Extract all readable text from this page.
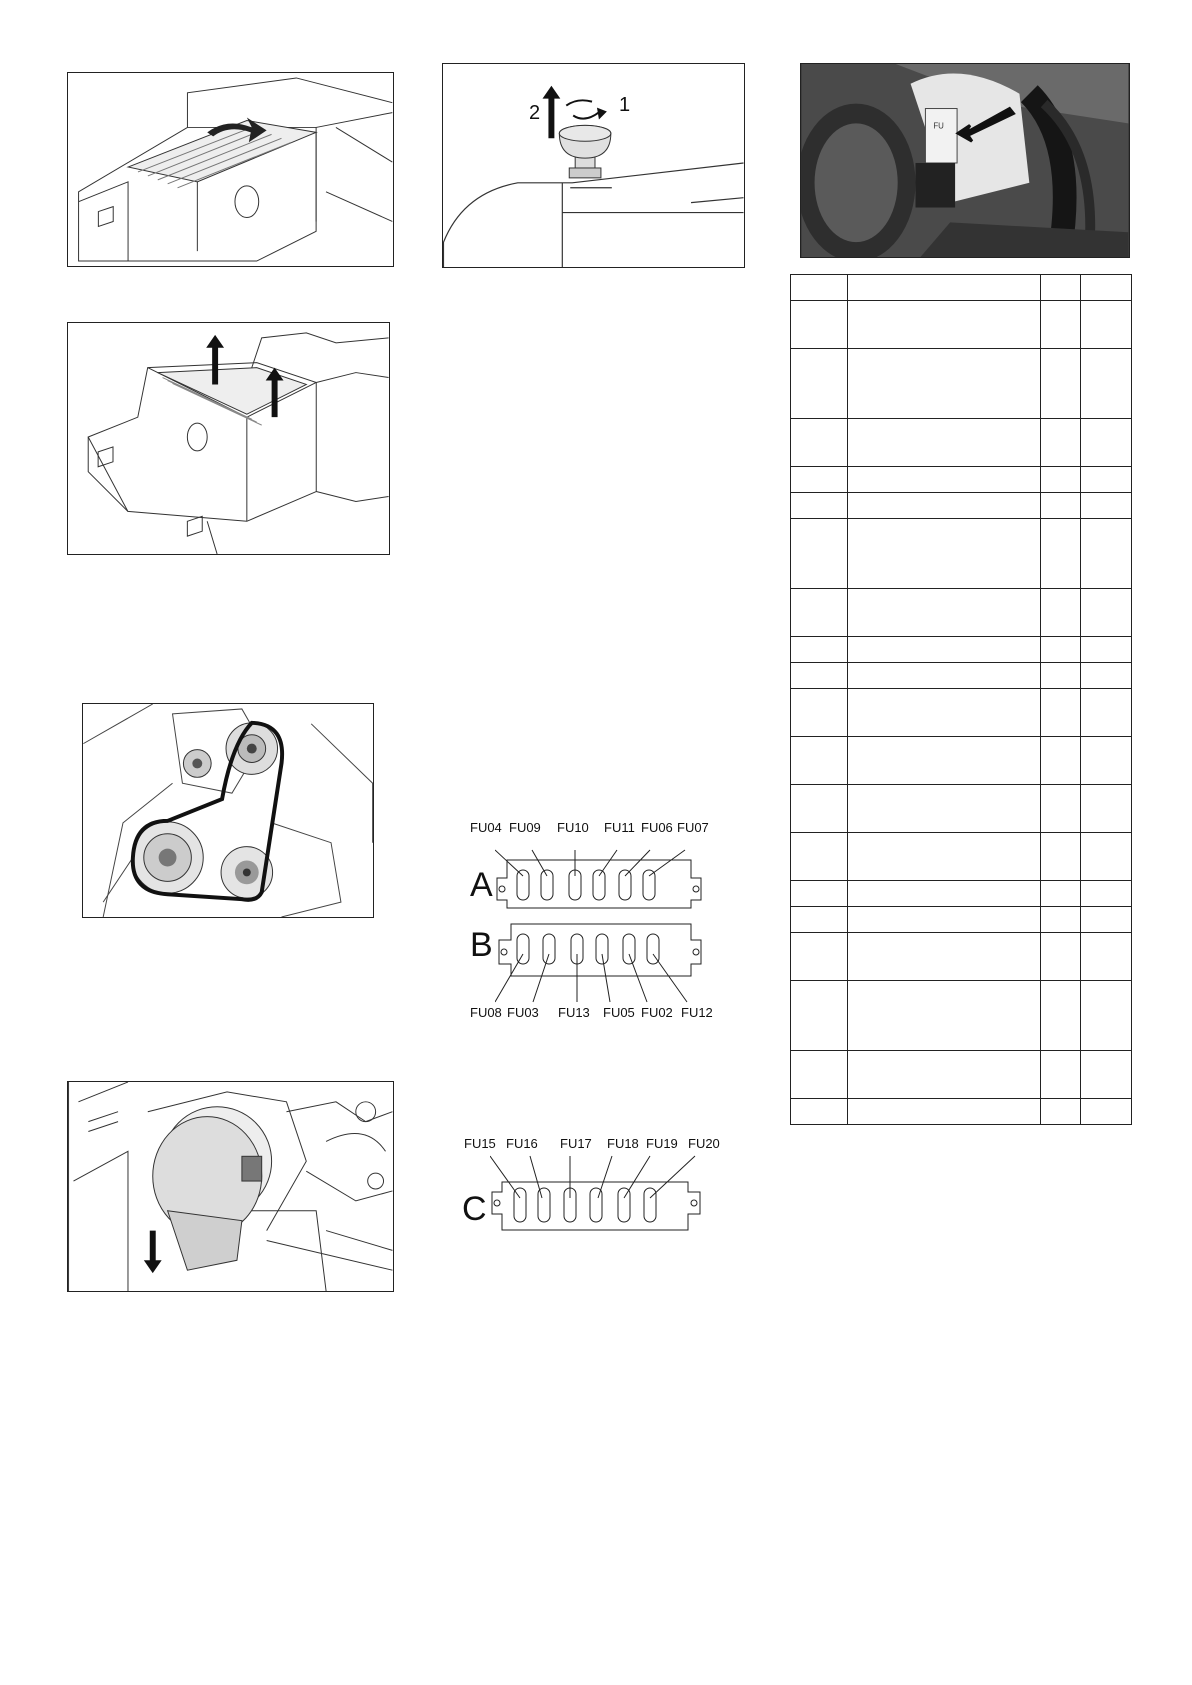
1
2
FU
FU04 FU09 FU10 FU11 FU06 FU07
A
B
FU08 FU03 FU13 FU05 FU02 FU12
FU15 FU16 FU17 FU18 FU19 FU20
C
